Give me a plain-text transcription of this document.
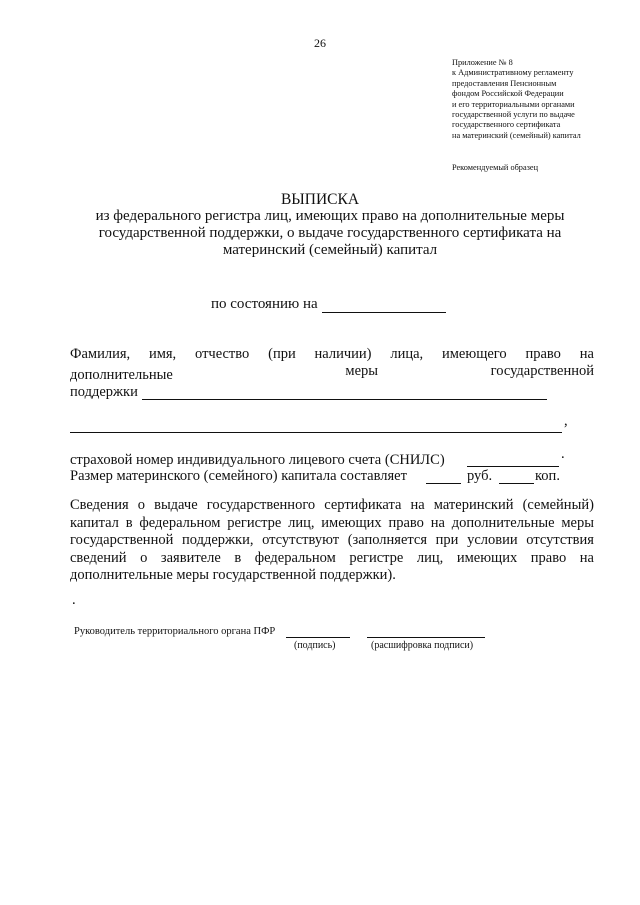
26
Приложение № 8
к Административному регламенту
предоставления Пенсионным
фондом Российской Федерации
и его территориальными органами
государственной услуги по выдаче
государственного сертификата
на материнский (семейный) капитал
Рекомендуемый образец
ВЫПИСКА
из федерального регистра лиц, имеющих право на дополнительные меры государственной поддержки, о выдаче государственного сертификата на материнский (семейный) капитал
по состоянию на
Фамилия, имя, отчество (при наличии) лица, имеющего право на
дополнительные	меры	государственной
поддержки
,
страховой номер индивидуального лицевого счета (СНИЛС)	.
Размер материнского (семейного) капитала составляет	руб.	коп.
Сведения о выдаче государственного сертификата на материнский (семейный)
капитал в федеральном регистре лиц, имеющих право на дополнительные меры
государственной поддержки, отсутствуют (заполняется при условии отсутствия
сведений о заявителе в федеральном регистре лиц, имеющих право на
дополнительные меры государственной поддержки).
.
Руководитель территориального органа ПФР
(подпись)	(расшифровка подписи)
